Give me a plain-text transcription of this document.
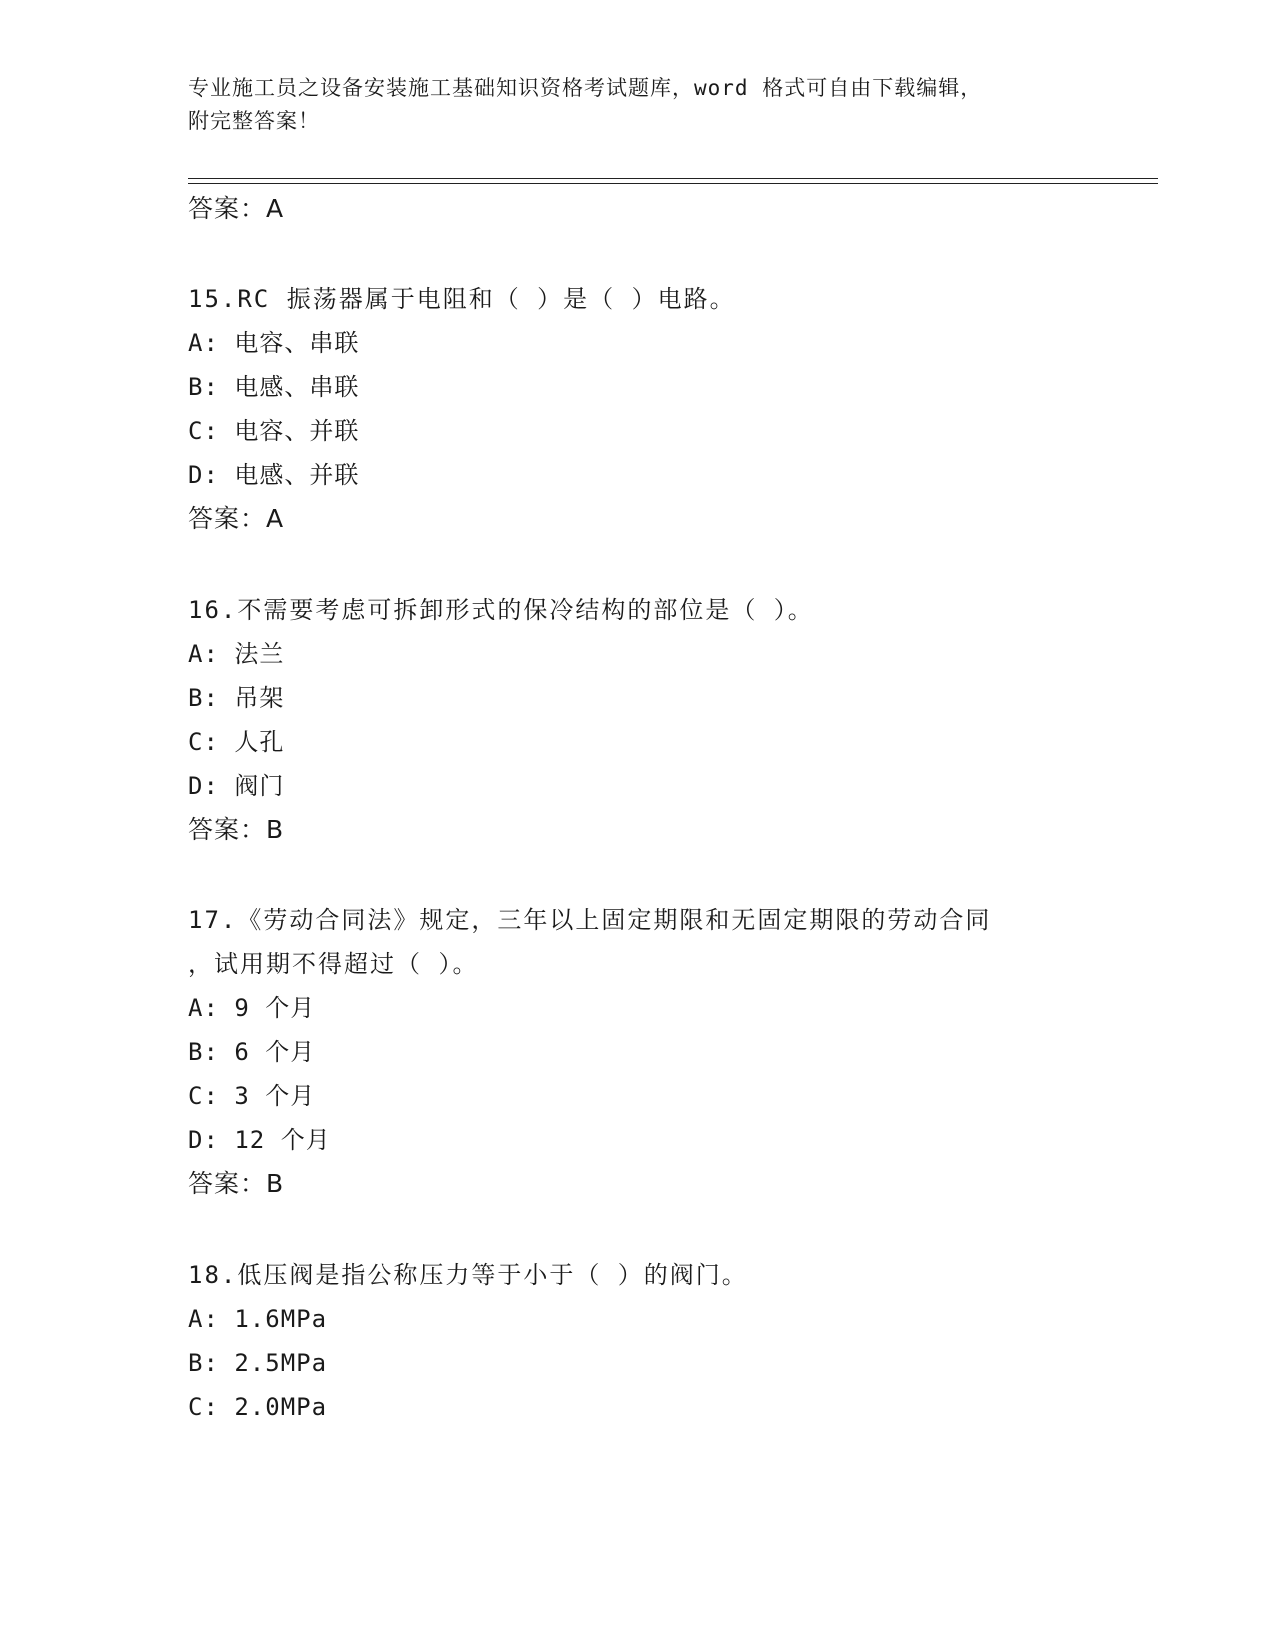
专业施工员之设备安装施工基础知识资格考试题库，word 格式可自由下载编辑，
附完整答案！
答案：A
15.RC 振荡器属于电阻和（ ）是（ ）电路。
A: 电容、串联
B: 电感、串联
C: 电容、并联
D: 电感、并联
答案：A
16.不需要考虑可拆卸形式的保冷结构的部位是（ ）。
A: 法兰
B: 吊架
C: 人孔
D: 阀门
答案：B
17.《劳动合同法》规定，三年以上固定期限和无固定期限的劳动合同
，试用期不得超过（ ）。
A: 9 个月
B: 6 个月
C: 3 个月
D: 12 个月
答案：B
18.低压阀是指公称压力等于小于（ ）的阀门。
A: 1.6MPa
B: 2.5MPa
C: 2.0MPa
